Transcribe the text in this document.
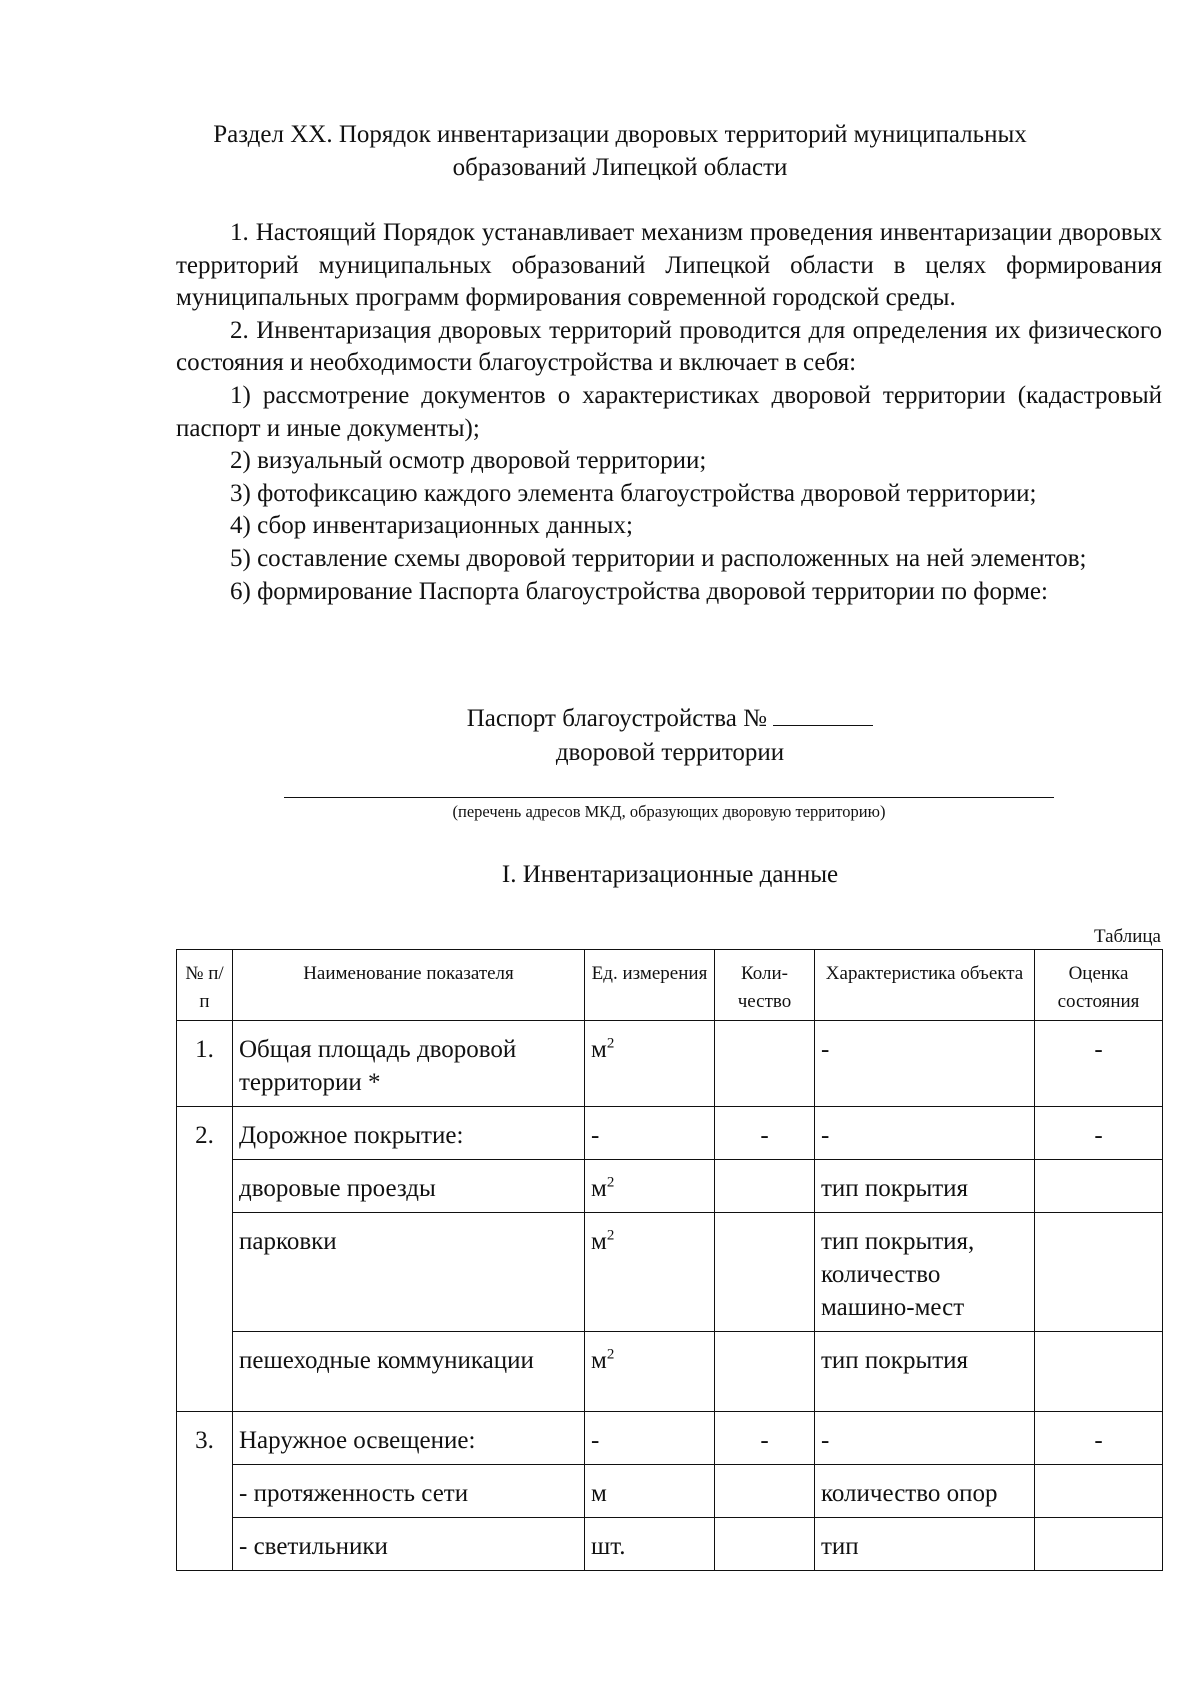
Раздел XX. Порядок инвентаризации дворовых территорий муниципальных
образований Липецкой области

1. Настоящий Порядок устанавливает механизм проведения инвентаризации дворовых территорий муниципальных образований Липецкой области в целях формирования муниципальных программ формирования современной городской среды.

2. Инвентаризация дворовых территорий проводится для определения их физического состояния и необходимости благоустройства и включает в себя:

1) рассмотрение документов о характеристиках дворовой территории (кадастровый паспорт и иные документы);

2) визуальный осмотр дворовой территории;

3) фотофиксацию каждого элемента благоустройства дворовой территории;

4) сбор инвентаризационных данных;

5) составление схемы дворовой территории и расположенных на ней элементов;

6) формирование Паспорта благоустройства дворовой территории по форме:

Паспорт благоустройства №
дворовой территории
(перечень адресов МКД, образующих дворовую территорию)
I. Инвентаризационные данные
Таблица
№ п/п	Наименование показателя	Ед. измерения	Коли- чество	Характеристика объекта	Оценка состояния
1.	Общая площадь дворовой территории *	$м^2$		-	-
2.	Дорожное покрытие:	-	-	-	-
	дворовые проезды	$м^2$		тип покрытия	
	парковки	$м^2$		тип покрытия, количество машино-мест	
	пешеходные коммуникации	$м^2$		тип покрытия	
3.	Наружное освещение:	-	-	-	-
	- протяженность сети	м		количество опор	
	- светильники	шт.		тип	
